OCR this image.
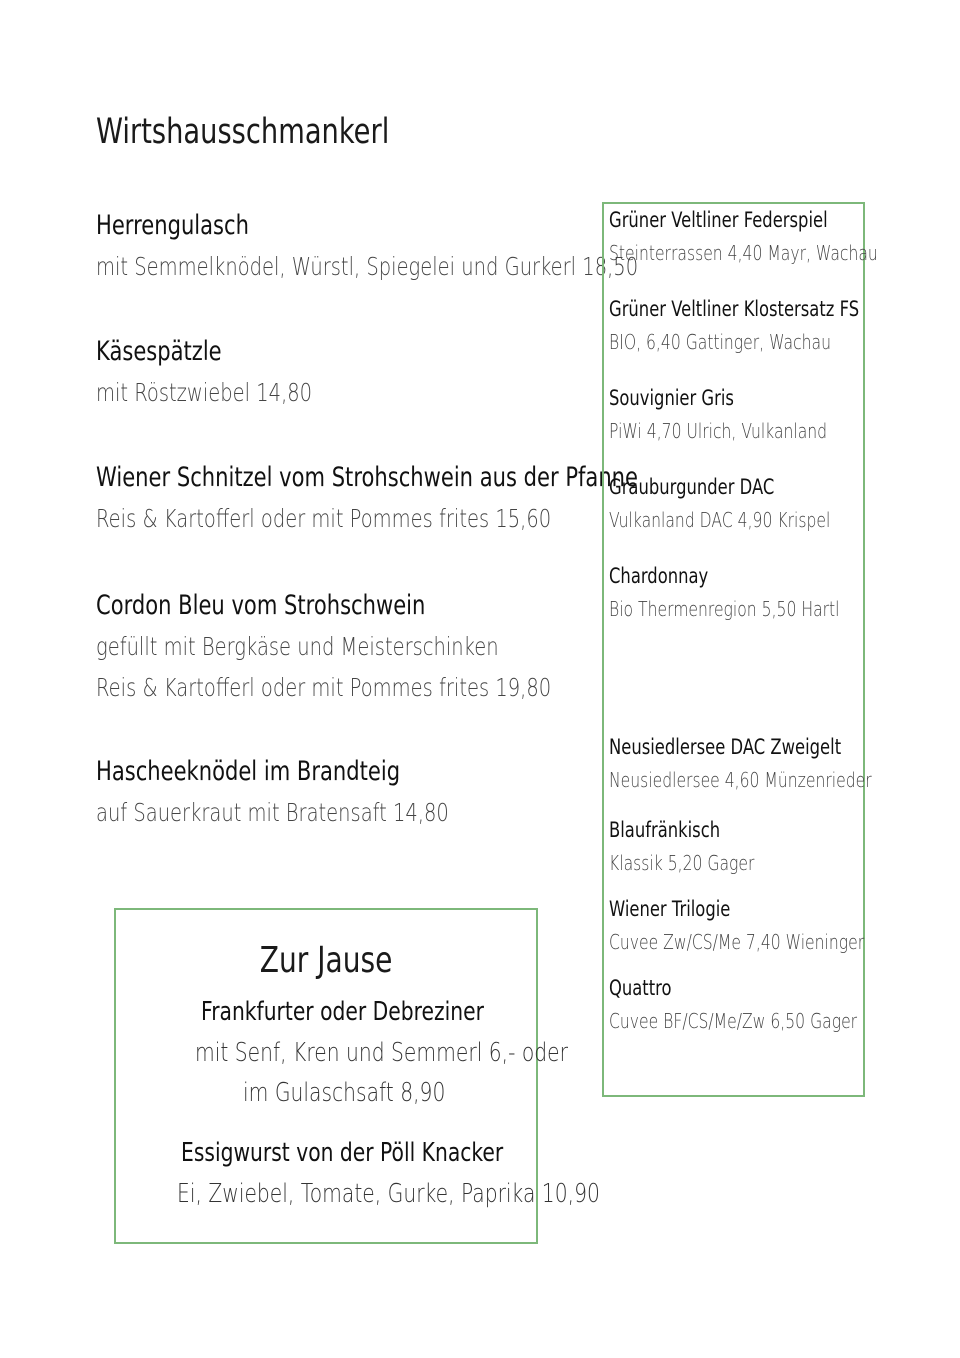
Wirtshausschmankerl
Herrengulasch
mit Semmelknödel, Würstl, Spiegelei und Gurkerl 18,50
Käsespätzle
mit Röstzwiebel 14,80
Wiener Schnitzel vom Strohschwein aus der Pfanne
Reis & Kartofferl oder mit Pommes frites 15,60
Cordon Bleu vom Strohschwein
gefüllt mit Bergkäse und Meisterschinken
Reis & Kartofferl oder mit Pommes frites 19,80
Hascheeknödel im Brandteig
auf Sauerkraut mit Bratensaft 14,80
Zur Jause
Frankfurter oder Debreziner
mit Senf, Kren und Semmerl 6,- oder
im Gulaschsaft 8,90
Essigwurst von der Pöll Knacker
Ei, Zwiebel, Tomate, Gurke, Paprika 10,90
Grüner Veltliner Federspiel
Steinterrassen 4,40 Mayr, Wachau
Grüner Veltliner Klostersatz FS
BIO, 6,40 Gattinger, Wachau
Souvignier Gris
PiWi 4,70 Ulrich, Vulkanland
Grauburgunder DAC
Vulkanland DAC 4,90 Krispel
Chardonnay
Bio Thermenregion 5,50 Hartl
Neusiedlersee DAC Zweigelt
Neusiedlersee 4,60 Münzenrieder
Blaufränkisch
Klassik 5,20 Gager
Wiener Trilogie
Cuvee Zw/CS/Me 7,40 Wieninger
Quattro
Cuvee BF/CS/Me/Zw 6,50 Gager
